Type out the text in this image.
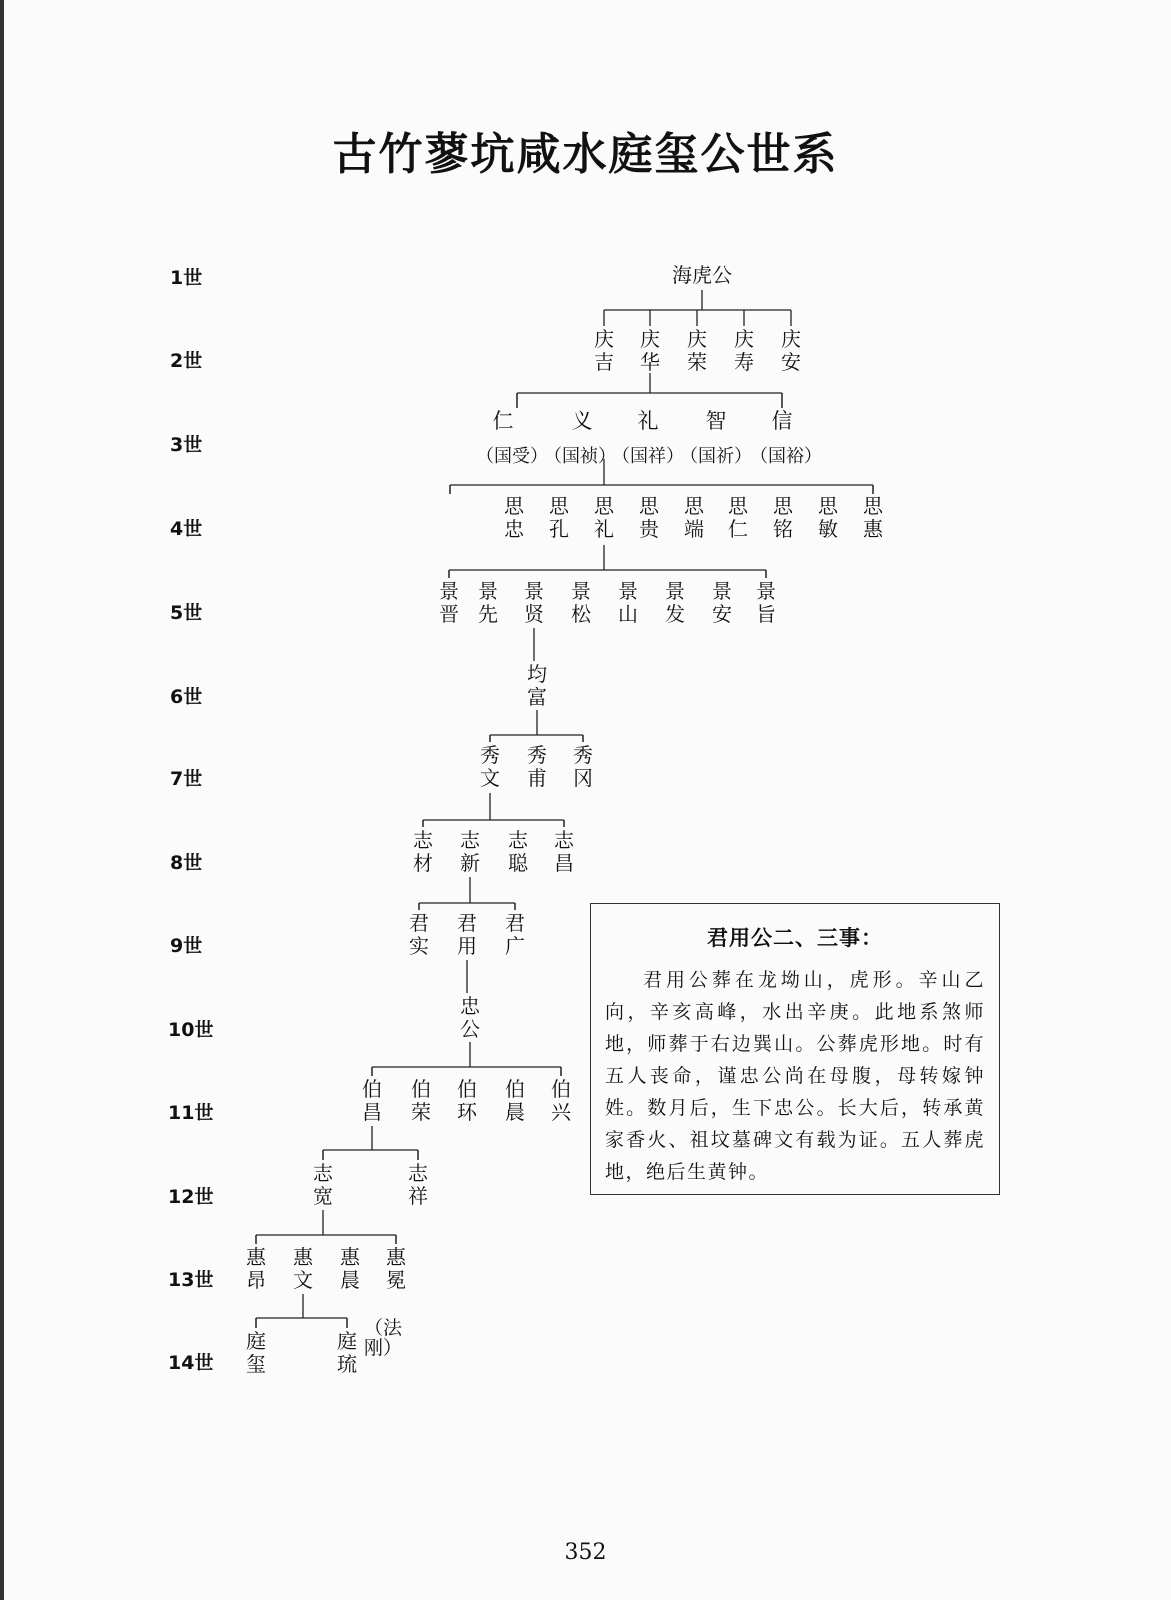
古竹蓼坑咸水庭玺公世系
1世
2世
3世
4世
5世
6世
7世
8世
9世
10世
11世
12世
13世
14世
海虎公
庆吉
庆华
庆荣
庆寿
庆安
思忠
思孔
思礼
思贵
思端
思仁
思铭
思敏
思惠
景晋
景先
景贤
景松
景山
景发
景安
景旨
均富
秀文
秀甫
秀冈
志材
志新
志聪
志昌
君实
君用
君广
忠公
伯昌
伯荣
伯环
伯晨
伯兴
志宽
志祥
惠昂
惠文
惠晨
惠冕
庭玺
庭琉
仁	义 礼 智 信
（国受）
（国祯）
（国祥）
（国祈）
（国裕）
（法刚）
君用公二、三事：
君用公葬在龙坳山，虎形。辛山乙向，辛亥高峰，水出辛庚。此地系煞师地，师葬于右边巽山。公葬虎形地。时有五人丧命，谨忠公尚在母腹，母转嫁钟姓。数月后，生下忠公。长大后，转承黄家香火、祖坟墓碑文有载为证。五人葬虎地，绝后生黄钟。
352
